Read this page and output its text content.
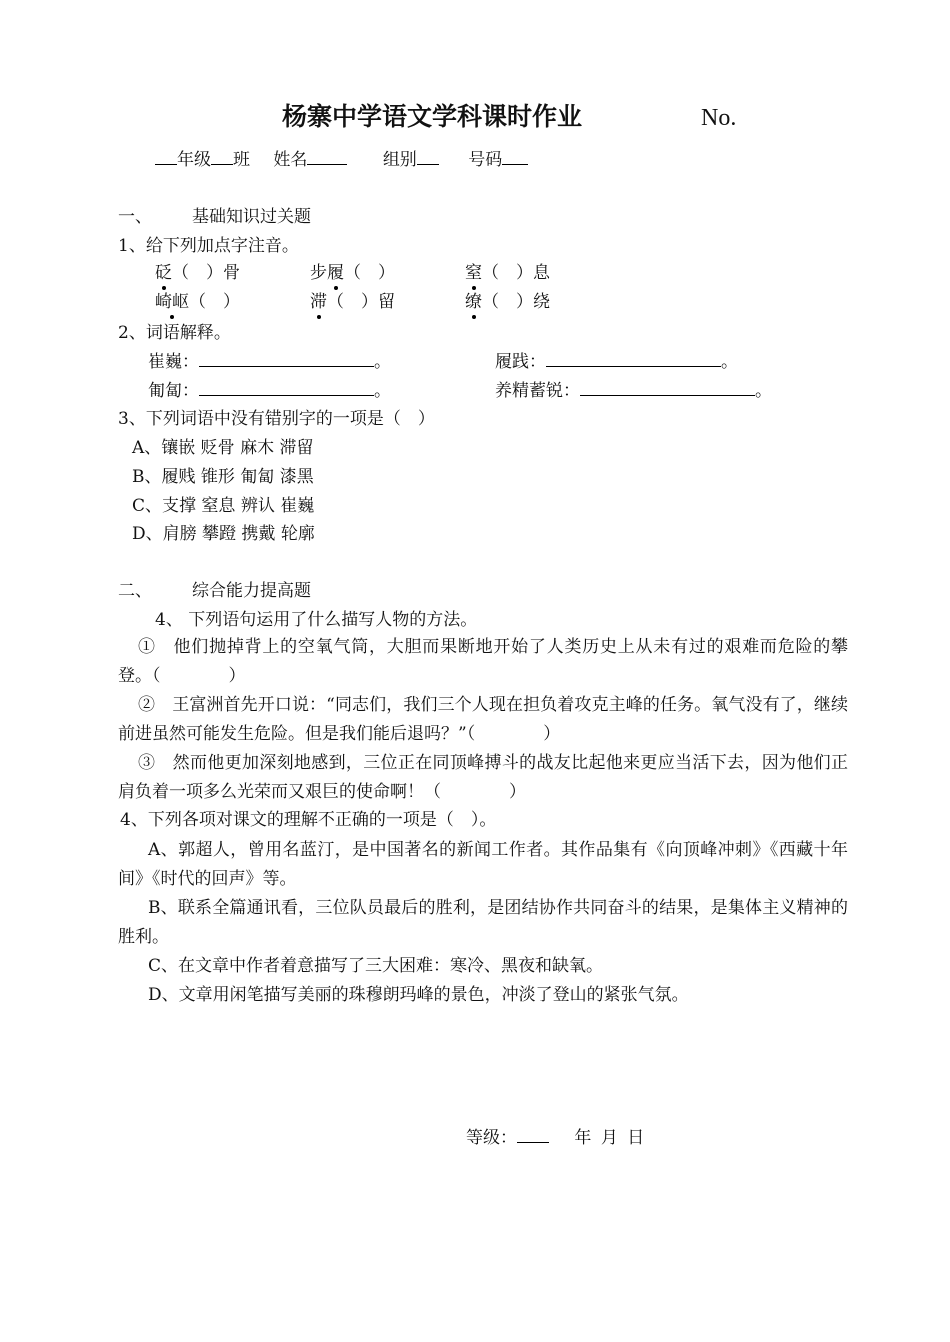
杨寨中学语文学科课时作业	No.
年级 班 姓名	组别	号码
一、 基础知识过关题
1、给下列加点字注音。
砭（　）骨	步履（　）	窒（　）息
崎岖（　）	滞（　）留	缭（　）绕
2、词语解释。
崔巍：	。	履践：	。
匍匐：	。	养精蓄锐：	。
3、下列词语中没有错别字的一项是（　）
A、镶嵌 贬骨 麻木 滞留
B、履贱 锥形 匍匐 漆黑
C、支撑 窒息 辨认 崔巍
D、肩膀 攀蹬 携戴 轮廓
二、 综合能力提高题
4、 下列语句运用了什么描写人物的方法。
①　他们抛掉背上的空氧气筒，大胆而果断地开始了人类历史上从未有过的艰难而危险的攀登。（　　　　）
②　王富洲首先开口说：“同志们，我们三个人现在担负着攻克主峰的任务。氧气没有了，继续前进虽然可能发生危险。但是我们能后退吗？”（　　　　）
③　然而他更加深刻地感到，三位正在同顶峰搏斗的战友比起他来更应当活下去，因为他们正肩负着一项多么光荣而又艰巨的使命啊！（　　　　）
4、下列各项对课文的理解不正确的一项是（　）。
A、郭超人，曾用名蓝汀，是中国著名的新闻工作者。其作品集有《向顶峰冲刺》《西藏十年间》《时代的回声》等。
B、联系全篇通讯看，三位队员最后的胜利，是团结协作共同奋斗的结果，是集体主义精神的胜利。
C、在文章中作者着意描写了三大困难：寒冷、黑夜和缺氧。
D、文章用闲笔描写美丽的珠穆朗玛峰的景色，冲淡了登山的紧张气氛。
等级：	年 月 日
